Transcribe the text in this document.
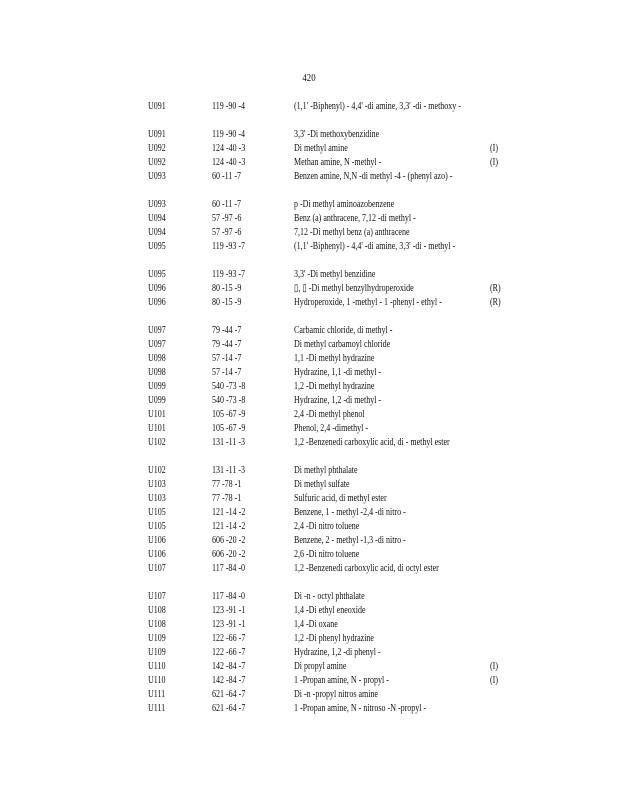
420
U091	119 -90 -4	(1,1' -Biphenyl) - 4,4' -di amine, 3,3' -di - methoxy -
U091	119 -90 -4	3,3' -Di methoxybenzidine
U092	124 -40 -3	Di methyl amine	(I)
U092	124 -40 -3	Methan amine, N -methyl -	(I)
U093	60 -11 -7	Benzen amine, N,N -di methyl -4 - (phenyl azo) -
U093	60 -11 -7	p -Di methyl aminoazobenzene
U094	57 -97 -6	Benz (a) anthracene, 7,12 -di methyl -
U094	57 -97 -6	7,12 -Di methyl benz (a) anthracene
U095	119 -93 -7	(1,1' -Biphenyl) - 4,4' -di amine, 3,3' -di - methyl -
U095	119 -93 -7	3,3' -Di methyl benzidine
U096	80 -15 -9	▯, ▯ -Di methyl benzylhydroperoxide	(R)
U096	80 -15 -9	Hydroperoxide, 1 -methyl - 1 -phenyl - ethyl -	(R)
U097	79 -44 -7	Carbamic chloride, di methyl -
U097	79 -44 -7	Di methyl carbamoyl chloride
U098	57 -14 -7	1,1 -Di methyl hydrazine
U098	57 -14 -7	Hydrazine, 1,1 -di methyl -
U099	540 -73 -8	1,2 -Di methyl hydrazine
U099	540 -73 -8	Hydrazine, 1,2 -di methyl -
U101	105 -67 -9	2,4 -Di methyl phenol
U101	105 -67 -9	Phenol, 2,4 -dimethyl -
U102	131 -11 -3	1,2 -Benzenedi carboxylic acid, di - methyl ester
U102	131 -11 -3	Di methyl phthalate
U103	77 -78 -1	Di methyl sulfate
U103	77 -78 -1	Sulfuric acid, di methyl ester
U105	121 -14 -2	Benzene, 1 - methyl -2,4 -di nitro -
U105	121 -14 -2	2,4 -Di nitro toluene
U106	606 -20 -2	Benzene, 2 - methyl -1,3 -di nitro -
U106	606 -20 -2	2,6 -Di nitro toluene
U107	117 -84 -0	1,2 -Benzenedi carboxylic acid, di octyl ester
U107	117 -84 -0	Di -n - octyl phthalate
U108	123 -91 -1	1,4 -Di ethyl eneoxide
U108	123 -91 -1	1,4 -Di oxane
U109	122 -66 -7	1,2 -Di phenyl hydrazine
U109	122 -66 -7	Hydrazine, 1,2 -di phenyl -
U110	142 -84 -7	Di propyl amine	(I)
U110	142 -84 -7	1 -Propan amine, N - propyl -	(I)
U111	621 -64 -7	Di -n -propyl nitros amine
U111	621 -64 -7	1 -Propan amine, N - nitroso -N -propyl -
